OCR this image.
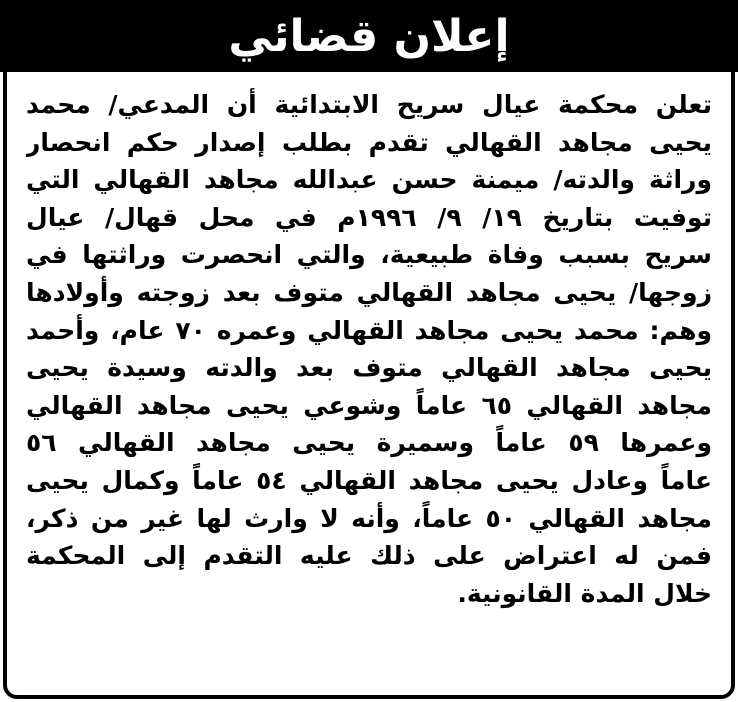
إعلان قضائي
تعلن محكمة عيال سريح الابتدائية أن المدعي/ محمد
يحيى مجاهد القهالي تقدم بطلب إصدار حكم انحصار
وراثة والدته/ ميمنة حسن عبدالله مجاهد القهالي التي
توفيت بتاريخ ١٩/ ٩/ ١٩٩٦م في محل قهال/ عيال
سريح بسبب وفاة طبيعية، والتي انحصرت وراثتها في
زوجها/ يحيى مجاهد القهالي متوف بعد زوجته وأولادها
وهم: محمد يحيى مجاهد القهالي وعمره ٧٠ عام، وأحمد
يحيى مجاهد القهالي متوف بعد والدته وسيدة يحيى
مجاهد القهالي ٦٥ عاماً وشوعي يحيى مجاهد القهالي
وعمرها ٥٩ عاماً وسميرة يحيى مجاهد القهالي ٥٦
عاماً وعادل يحيى مجاهد القهالي ٥٤ عاماً وكمال يحيى
مجاهد القهالي ٥٠ عاماً، وأنه لا وارث لها غير من ذكر،
فمن له اعتراض على ذلك عليه التقدم إلى المحكمة
خلال المدة القانونية.
